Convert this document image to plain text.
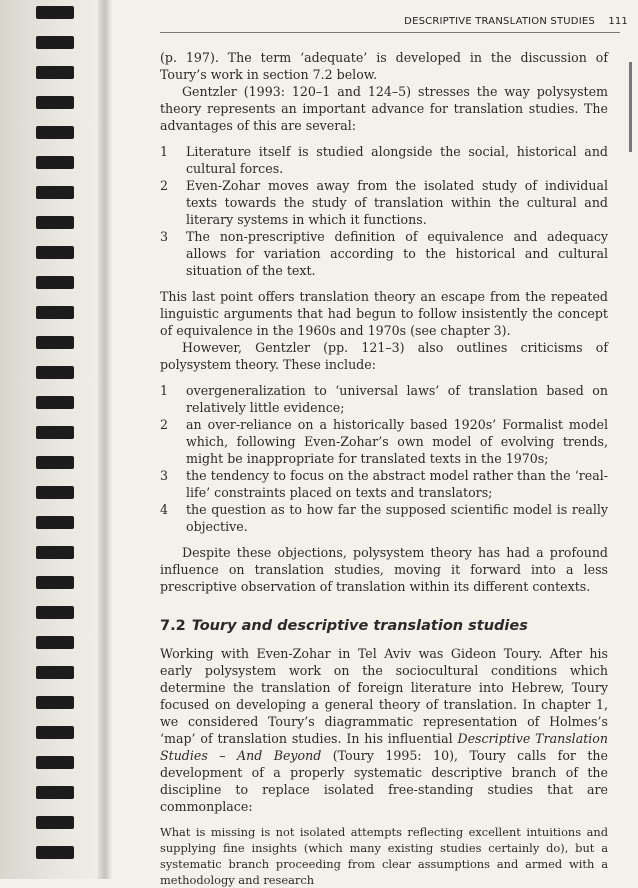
DESCRIPTIVE TRANSLATION STUDIES 111

(p. 197). The term ‘adequate’ is developed in the discussion of Toury’s work in section 7.2 below.

Gentzler (1993: 120–1 and 124–5) stresses the way polysystem theory represents an important advance for translation studies. The advantages of this are several:

1	Literature itself is studied alongside the social, historical and cultural forces.
2	Even-Zohar moves away from the isolated study of individual texts towards the study of translation within the cultural and literary systems in which it functions.
3	The non-prescriptive definition of equivalence and adequacy allows for variation according to the historical and cultural situation of the text.

This last point offers translation theory an escape from the repeated linguistic arguments that had begun to follow insistently the concept of equivalence in the 1960s and 1970s (see chapter 3).

However, Gentzler (pp. 121–3) also outlines criticisms of polysystem theory. These include:

1	overgeneralization to ‘universal laws’ of translation based on relatively little evidence;
2	an over-reliance on a historically based 1920s’ Formalist model which, following Even-Zohar’s own model of evolving trends, might be inappropriate for translated texts in the 1970s;
3	the tendency to focus on the abstract model rather than the ‘real-life’ constraints placed on texts and translators;
4	the question as to how far the supposed scientific model is really objective.

Despite these objections, polysystem theory has had a profound influence on translation studies, moving it forward into a less prescriptive observation of translation within its different contexts.

7.2 Toury and descriptive translation studies

Working with Even-Zohar in Tel Aviv was Gideon Toury. After his early polysystem work on the sociocultural conditions which determine the translation of foreign literature into Hebrew, Toury focused on developing a general theory of translation. In chapter 1, we considered Toury’s diagrammatic representation of Holmes’s ‘map’ of translation studies. In his influential Descriptive Translation Studies – And Beyond (Toury 1995: 10), Toury calls for the development of a properly systematic descriptive branch of the discipline to replace isolated free-standing studies that are commonplace:

What is missing is not isolated attempts reflecting excellent intuitions and supplying fine insights (which many existing studies certainly do), but a systematic branch proceeding from clear assumptions and armed with a methodology and research
